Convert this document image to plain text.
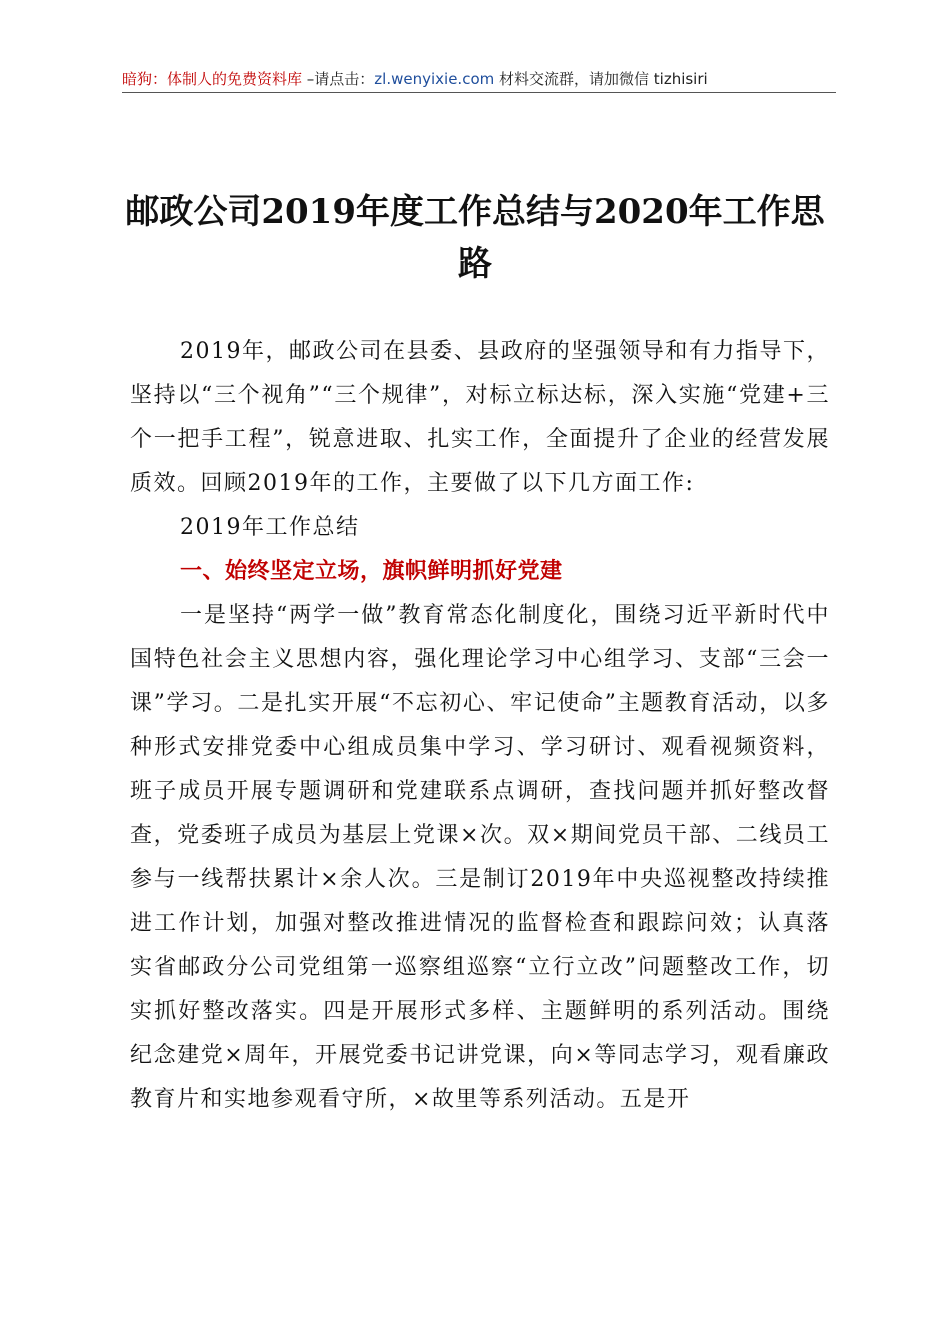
暗狗：体制人的免费资料库 –请点击：zl.wenyixie.com 材料交流群，请加微信 tizhisiri
邮政公司2019年度工作总结与2020年工作思
路

2019年，邮政公司在县委、县政府的坚强领导和有力指导下，坚持以“三个视角”“三个规律”，对标立标达标，深入实施“党建+三个一把手工程”，锐意进取、扎实工作，全面提升了企业的经营发展质效。回顾2019年的工作，主要做了以下几方面工作:

2019年工作总结

一、始终坚定立场，旗帜鲜明抓好党建

一是坚持“两学一做”教育常态化制度化，围绕习近平新时代中国特色社会主义思想内容，强化理论学习中心组学习、支部“三会一课”学习。二是扎实开展“不忘初心、牢记使命”主题教育活动，以多种形式安排党委中心组成员集中学习、学习研讨、观看视频资料，班子成员开展专题调研和党建联系点调研，查找问题并抓好整改督查，党委班子成员为基层上党课×次。双×期间党员干部、二线员工参与一线帮扶累计×余人次。三是制订2019年中央巡视整改持续推进工作计划，加强对整改推进情况的监督检查和跟踪问效；认真落实省邮政分公司党组第一巡察组巡察“立行立改”问题整改工作，切实抓好整改落实。四是开展形式多样、主题鲜明的系列活动。围绕纪念建党×周年，开展党委书记讲党课，向×等同志学习，观看廉政教育片和实地参观看守所，×故里等系列活动。五是开
